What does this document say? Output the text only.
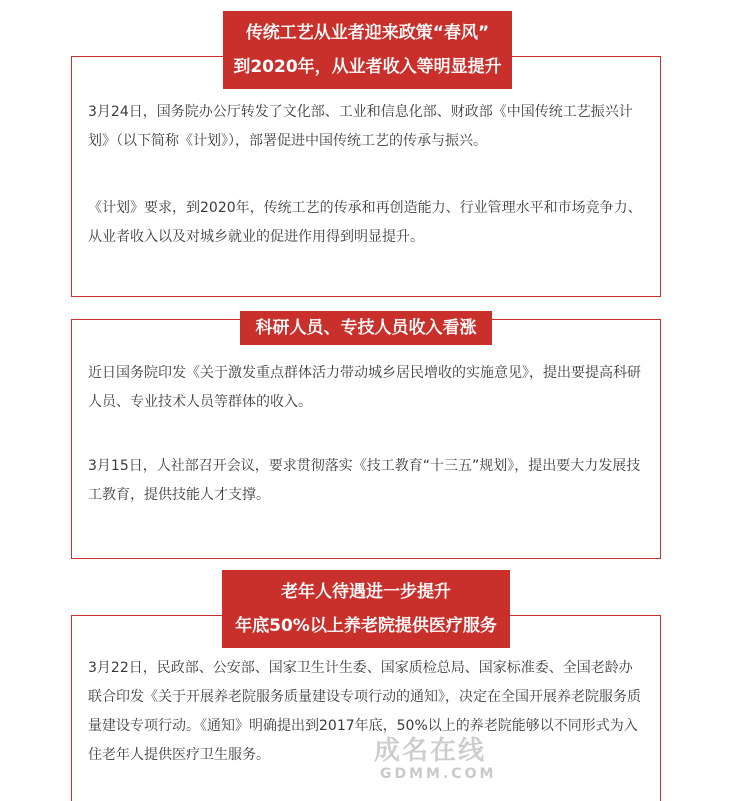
传统工艺从业者迎来政策“春风”
到2020年，从业者收入等明显提升

3月24日，国务院办公厅转发了文化部、工业和信息化部、财政部《中国传统工艺振兴计划》（以下简称《计划》），部署促进中国传统工艺的传承与振兴。

《计划》要求，到2020年，传统工艺的传承和再创造能力、行业管理水平和市场竞争力、从业者收入以及对城乡就业的促进作用得到明显提升。

科研人员、专技人员收入看涨

近日国务院印发《关于激发重点群体活力带动城乡居民增收的实施意见》，提出要提高科研人员、专业技术人员等群体的收入。

3月15日，人社部召开会议，要求贯彻落实《技工教育“十三五”规划》，提出要大力发展技工教育，提供技能人才支撑。

老年人待遇进一步提升
年底50%以上养老院提供医疗服务

3月22日，民政部、公安部、国家卫生计生委、国家质检总局、国家标准委、全国老龄办联合印发《关于开展养老院服务质量建设专项行动的通知》，决定在全国开展养老院服务质量建设专项行动。《通知》明确提出到2017年底，50%以上的养老院能够以不同形式为入住老年人提供医疗卫生服务。	成名在线
GDMM.COM
